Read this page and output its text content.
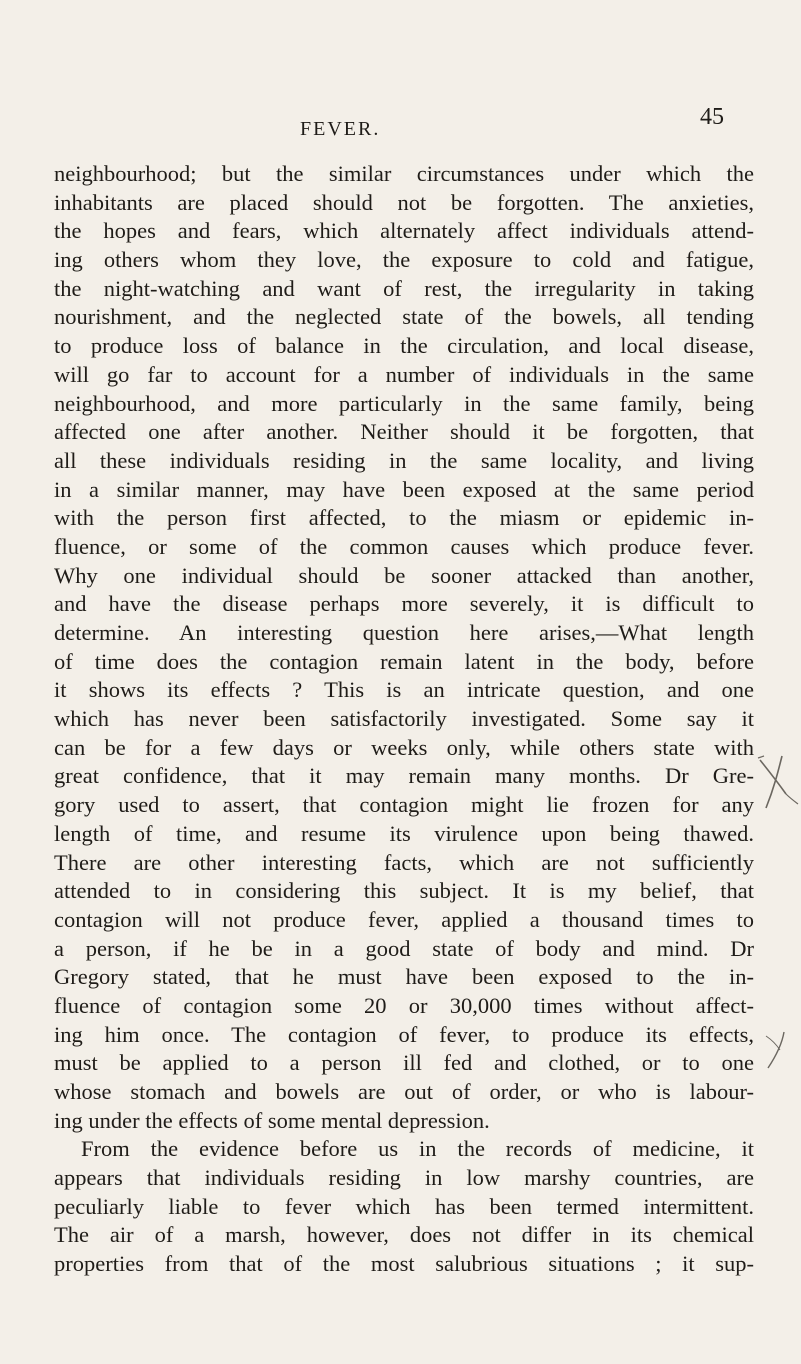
FEVER.	45
neighbourhood; but the similar circumstances under which the
inhabitants are placed should not be forgotten. The anxieties,
the hopes and fears, which alternately affect individuals attend-
ing others whom they love, the exposure to cold and fatigue,
the night-watching and want of rest, the irregularity in taking
nourishment, and the neglected state of the bowels, all tending
to produce loss of balance in the circulation, and local disease,
will go far to account for a number of individuals in the same
neighbourhood, and more particularly in the same family, being
affected one after another. Neither should it be forgotten, that
all these individuals residing in the same locality, and living
in a similar manner, may have been exposed at the same period
with the person first affected, to the miasm or epidemic in-
fluence, or some of the common causes which produce fever.
Why one individual should be sooner attacked than another,
and have the disease perhaps more severely, it is difficult to
determine. An interesting question here arises,—What length
of time does the contagion remain latent in the body, before
it shows its effects ? This is an intricate question, and one
which has never been satisfactorily investigated. Some say it
can be for a few days or weeks only, while others state with
great confidence, that it may remain many months. Dr Gre-
gory used to assert, that contagion might lie frozen for any
length of time, and resume its virulence upon being thawed.
There are other interesting facts, which are not sufficiently
attended to in considering this subject. It is my belief, that
contagion will not produce fever, applied a thousand times to
a person, if he be in a good state of body and mind. Dr
Gregory stated, that he must have been exposed to the in-
fluence of contagion some 20 or 30,000 times without affect-
ing him once. The contagion of fever, to produce its effects,
must be applied to a person ill fed and clothed, or to one
whose stomach and bowels are out of order, or who is labour-
ing under the effects of some mental depression.
From the evidence before us in the records of medicine, it
appears that individuals residing in low marshy countries, are
peculiarly liable to fever which has been termed intermittent.
The air of a marsh, however, does not differ in its chemical
properties from that of the most salubrious situations ; it sup-
